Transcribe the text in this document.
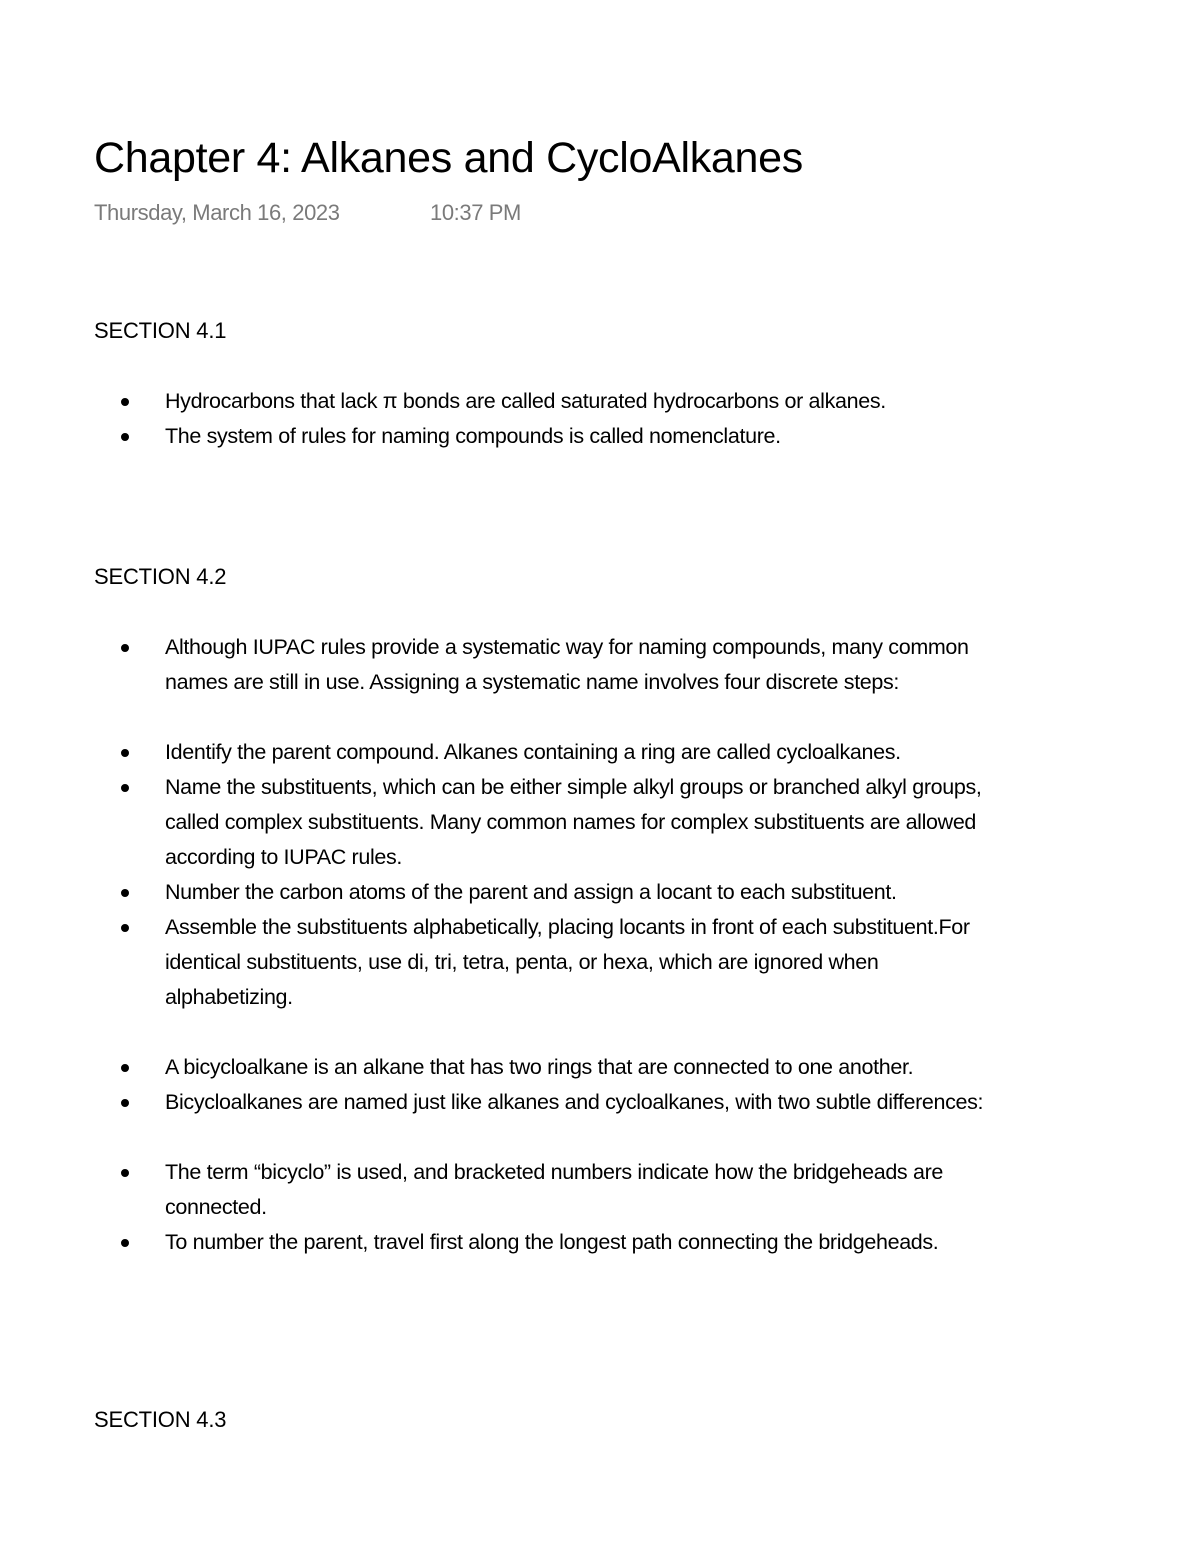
Chapter 4: Alkanes and CycloAlkanes
Thursday, March 16, 2023	10:37 PM
SECTION 4.1
Hydrocarbons that lack π bonds are called saturated hydrocarbons or alkanes.
The system of rules for naming compounds is called nomenclature.
SECTION 4.2
Although IUPAC rules provide a systematic way for naming compounds, many common
names are still in use. Assigning a systematic name involves four discrete steps:
Identify the parent compound. Alkanes containing a ring are called cycloalkanes.
Name the substituents, which can be either simple alkyl groups or branched alkyl groups,
called complex substituents. Many common names for complex substituents are allowed
according to IUPAC rules.
Number the carbon atoms of the parent and assign a locant to each substituent.
Assemble the substituents alphabetically, placing locants in front of each substituent.For
identical substituents, use di, tri, tetra, penta, or hexa, which are ignored when
alphabetizing.
A bicycloalkane is an alkane that has two rings that are connected to one another.
Bicycloalkanes are named just like alkanes and cycloalkanes, with two subtle differences:
The term “bicyclo” is used, and bracketed numbers indicate how the bridgeheads are
connected.
To number the parent, travel first along the longest path connecting the bridgeheads.
SECTION 4.3
